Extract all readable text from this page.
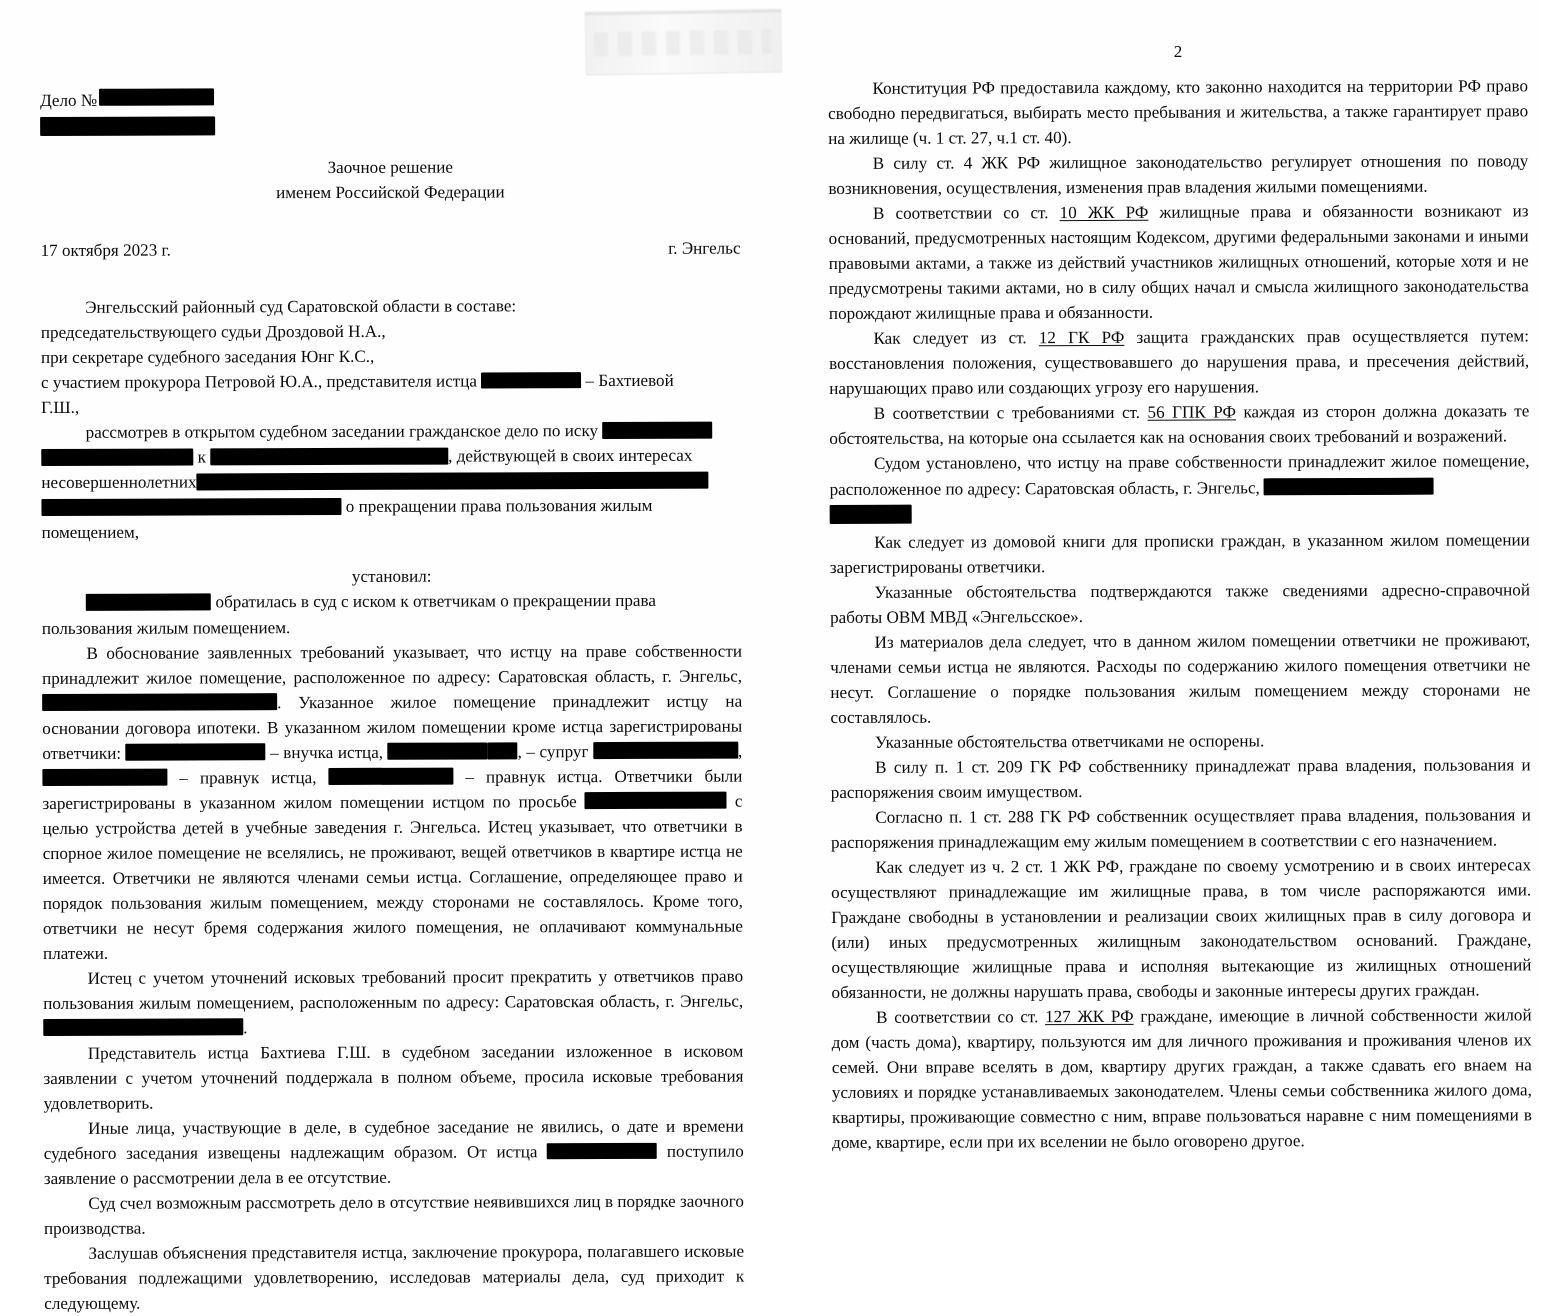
2
Дело №

Заочное решение

именем Российской Федерации

17 октября 2023 г.	г. Энгельс

Энгельсский районный суд Саратовской области в составе:

председательствующего судьи Дроздовой Н.А.,

при секретаре судебного заседания Юнг К.С.,

с участием прокурора Петровой Ю.А., представителя истца	– Бахтиевой

Г.Ш.,

рассмотрев в открытом судебном заседании гражданское дело по иску

к	, действующей в своих интересах

несовершеннолетних

о прекращении права пользования жилым

помещением,

установил:

обратилась в суд с иском к ответчикам о прекращении права

пользования жилым помещением.

В обоснование заявленных требований указывает, что истцу на праве собственности принадлежит жилое помещение, расположенное по адресу: Саратовская область, г. Энгельс, . Указанное жилое помещение принадлежит истцу на основании договора ипотеки. В указанном жилом помещении кроме истца зарегистрированы ответчики:	– внучка истца,	, – супруг	,  – правнук истца,	– правнук истца. Ответчики были зарегистрированы в указанном жилом помещении истцом по просьбе	с целью устройства детей в учебные заведения г. Энгельса. Истец указывает, что ответчики в спорное жилое помещение не вселялись, не проживают, вещей ответчиков в квартире истца не имеется. Ответчики не являются членами семьи истца. Соглашение, определяющее право и порядок пользования жилым помещением, между сторонами не составлялось. Кроме того, ответчики не несут бремя содержания жилого помещения, не оплачивают коммунальные платежи.

Истец с учетом уточнений исковых требований просит прекратить у ответчиков право пользования жилым помещением, расположенным по адресу: Саратовская область, г. Энгельс, .

Представитель истца Бахтиева Г.Ш. в судебном заседании изложенное в исковом заявлении с учетом уточнений поддержала в полном объеме, просила исковые требования удовлетворить.

Иные лица, участвующие в деле, в судебное заседание не явились, о дате и времени судебного заседания извещены надлежащим образом. От истца	поступило заявление о рассмотрении дела в ее отсутствие.

Суд счел возможным рассмотреть дело в отсутствие неявившихся лиц в порядке заочного производства.

Заслушав объяснения представителя истца, заключение прокурора, полагавшего исковые требования подлежащими удовлетворению, исследовав материалы дела, суд приходит к следующему.

Конституция РФ предоставила каждому, кто законно находится на территории РФ право свободно передвигаться, выбирать место пребывания и жительства, а также гарантирует право на жилище (ч. 1 ст. 27, ч.1 ст. 40).

В силу ст. 4 ЖК РФ жилищное законодательство регулирует отношения по поводу возникновения, осуществления, изменения прав владения жилыми помещениями.

В соответствии со ст. 10 ЖК РФ жилищные права и обязанности возникают из оснований, предусмотренных настоящим Кодексом, другими федеральными законами и иными правовыми актами, а также из действий участников жилищных отношений, которые хотя и не предусмотрены такими актами, но в силу общих начал и смысла жилищного законодательства порождают жилищные права и обязанности.

Как следует из ст. 12 ГК РФ защита гражданских прав осуществляется путем: восстановления положения, существовавшего до нарушения права, и пресечения действий, нарушающих право или создающих угрозу его нарушения.

В соответствии с требованиями ст. 56 ГПК РФ каждая из сторон должна доказать те обстоятельства, на которые она ссылается как на основания своих требований и возражений.

Судом установлено, что истцу на праве собственности принадлежит жилое помещение, расположенное по адресу: Саратовская область, г. Энгельс,

Как следует из домовой книги для прописки граждан, в указанном жилом помещении зарегистрированы ответчики.

Указанные обстоятельства подтверждаются также сведениями адресно-справочной работы ОВМ МВД «Энгельсское».

Из материалов дела следует, что в данном жилом помещении ответчики не проживают, членами семьи истца не являются. Расходы по содержанию жилого помещения ответчики не несут. Соглашение о порядке пользования жилым помещением между сторонами не составлялось.

Указанные обстоятельства ответчиками не оспорены.

В силу п. 1 ст. 209 ГК РФ собственнику принадлежат права владения, пользования и распоряжения своим имуществом.

Согласно п. 1 ст. 288 ГК РФ собственник осуществляет права владения, пользования и распоряжения принадлежащим ему жилым помещением в соответствии с его назначением.

Как следует из ч. 2 ст. 1 ЖК РФ, граждане по своему усмотрению и в своих интересах осуществляют принадлежащие им жилищные права, в том числе распоряжаются ими. Граждане свободны в установлении и реализации своих жилищных прав в силу договора и (или) иных предусмотренных жилищным законодательством оснований. Граждане, осуществляющие жилищные права и исполняя вытекающие из жилищных отношений обязанности, не должны нарушать права, свободы и законные интересы других граждан.

В соответствии со ст. 127 ЖК РФ граждане, имеющие в личной собственности жилой дом (часть дома), квартиру, пользуются им для личного проживания и проживания членов их семей. Они вправе вселять в дом, квартиру других граждан, а также сдавать его внаем на условиях и порядке устанавливаемых законодателем. Члены семьи собственника жилого дома, квартиры, проживающие совместно с ним, вправе пользоваться наравне с ним помещениями в доме, квартире, если при их вселении не было оговорено другое.
